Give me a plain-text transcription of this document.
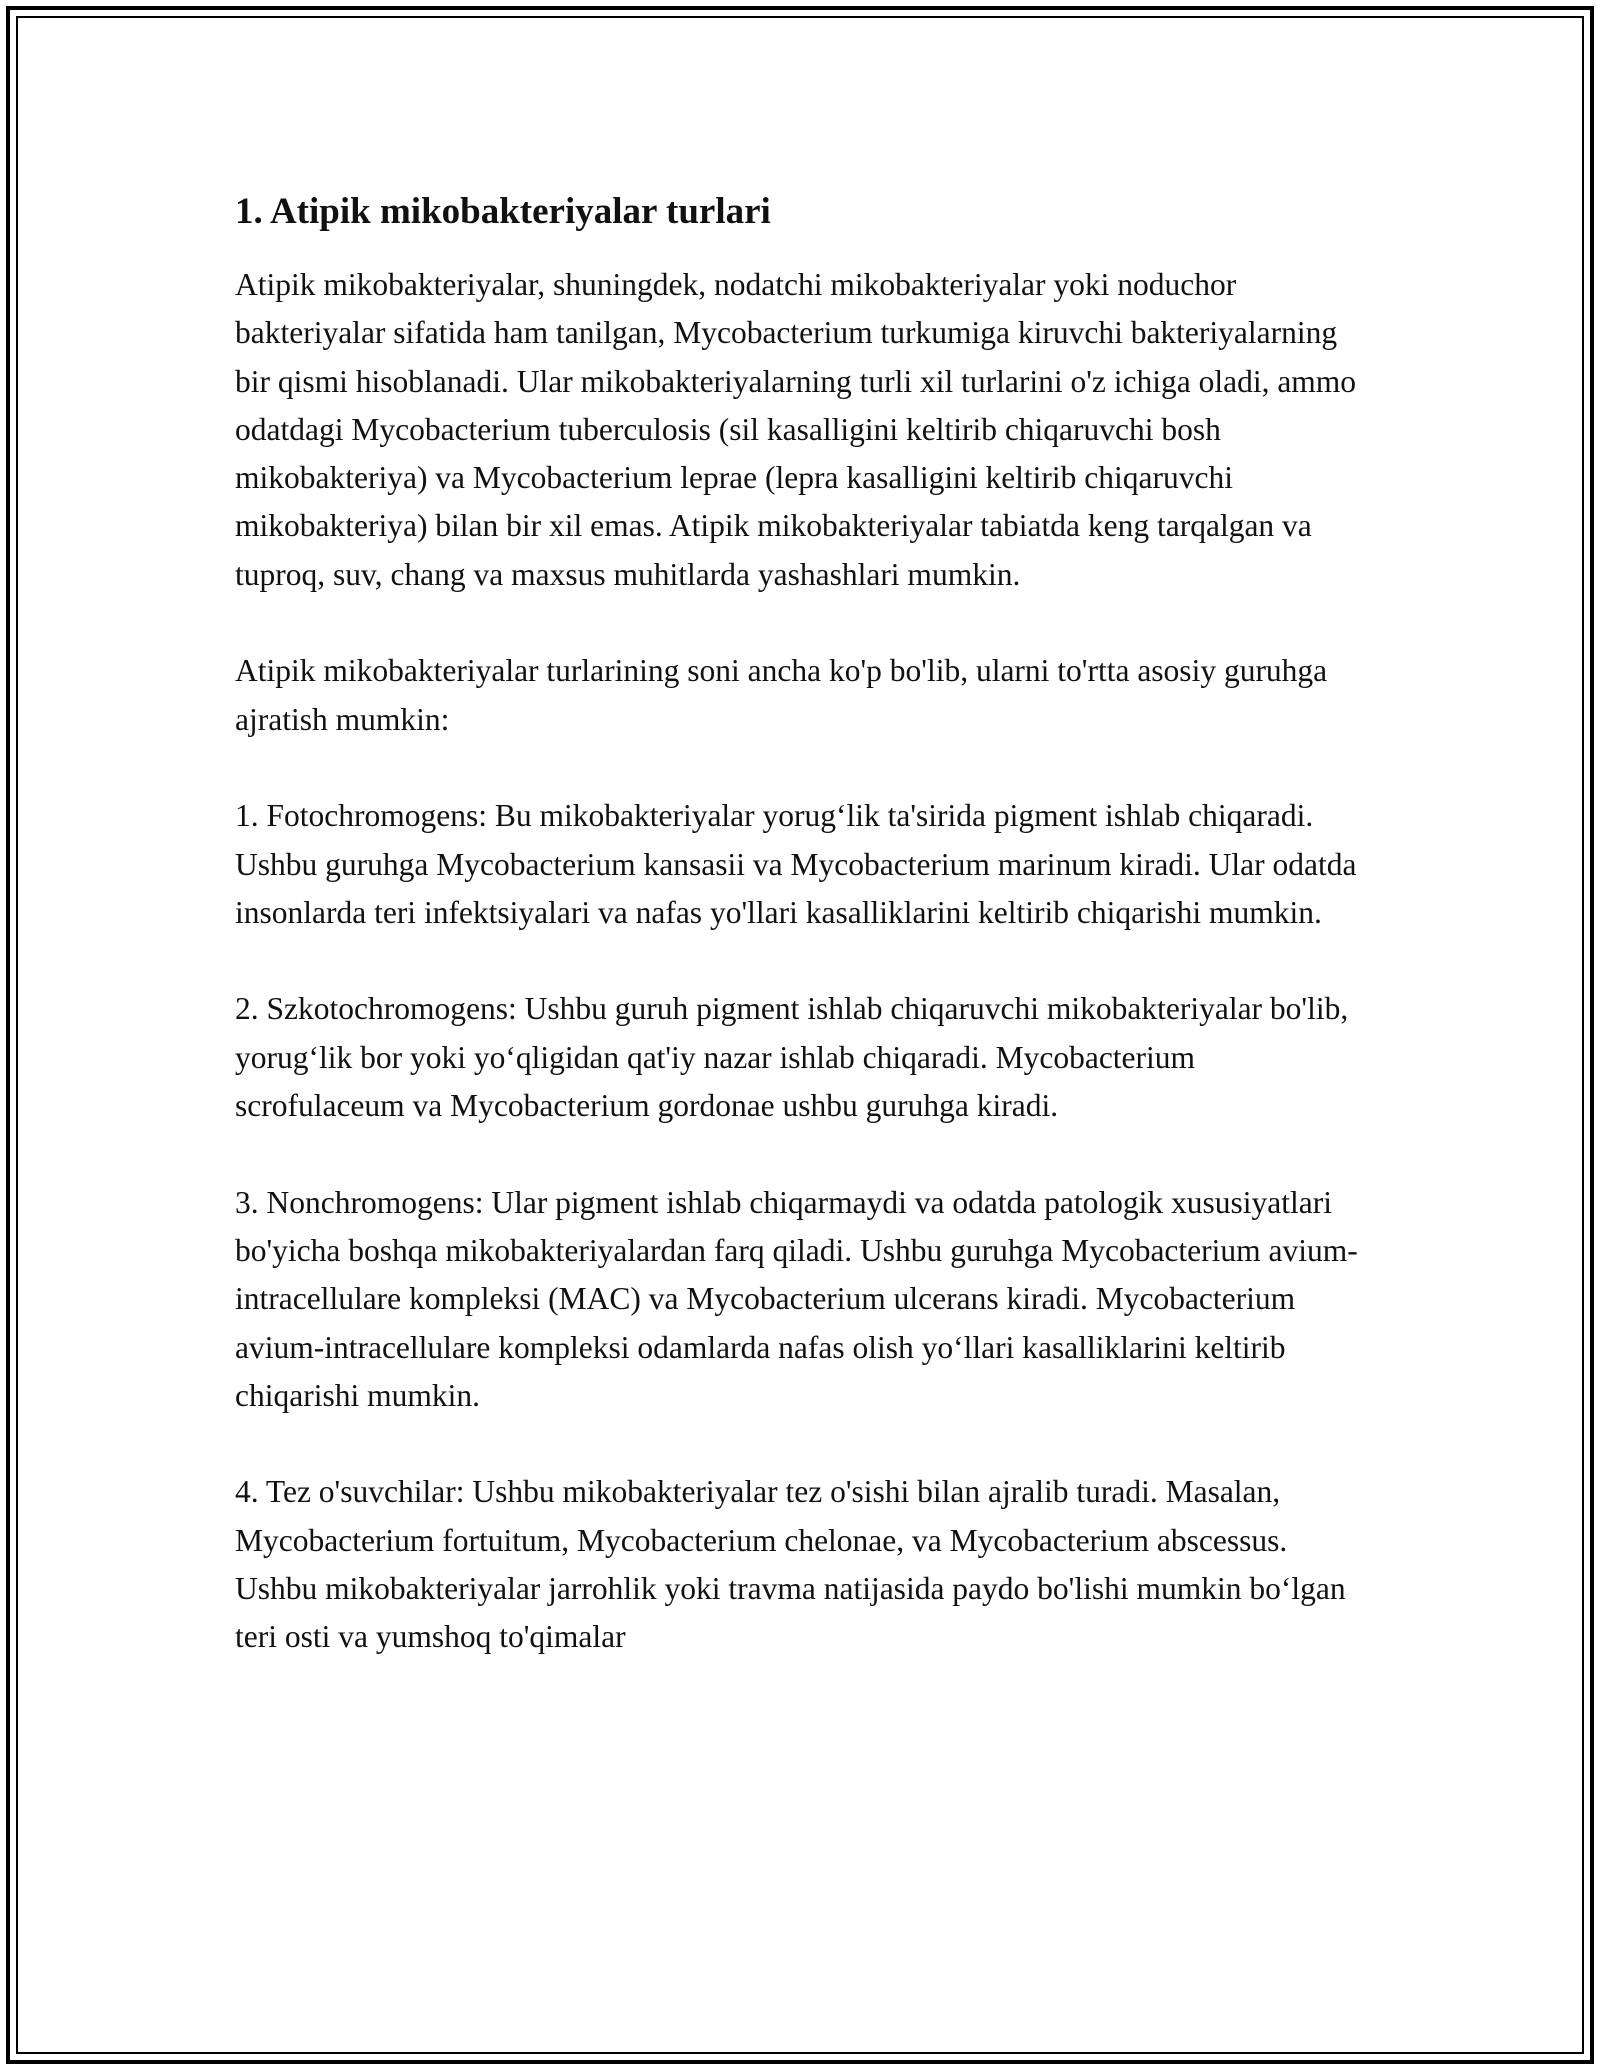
1. Atipik mikobakteriyalar turlari

Atipik mikobakteriyalar, shuningdek, nodatchi mikobakteriyalar yoki noduchor bakteriyalar sifatida ham tanilgan, Mycobacterium turkumiga kiruvchi bakteriyalarning bir qismi hisoblanadi. Ular mikobakteriyalarning turli xil turlarini o'z ichiga oladi, ammo odatdagi Mycobacterium tuberculosis (sil kasalligini keltirib chiqaruvchi bosh mikobakteriya) va Mycobacterium leprae (lepra kasalligini keltirib chiqaruvchi mikobakteriya) bilan bir xil emas. Atipik mikobakteriyalar tabiatda keng tarqalgan va tuproq, suv, chang va maxsus muhitlarda yashashlari mumkin.

Atipik mikobakteriyalar turlarining soni ancha ko'p bo'lib, ularni to'rtta asosiy guruhga ajratish mumkin:

1. Fotochromogens: Bu mikobakteriyalar yorug‘lik ta'sirida pigment ishlab chiqaradi. Ushbu guruhga Mycobacterium kansasii va Mycobacterium marinum kiradi. Ular odatda insonlarda teri infektsiyalari va nafas yo'llari kasalliklarini keltirib chiqarishi mumkin.

2. Szkotochromogens: Ushbu guruh pigment ishlab chiqaruvchi mikobakteriyalar bo'lib, yorug‘lik bor yoki yo‘qligidan qat'iy nazar ishlab chiqaradi. Mycobacterium scrofulaceum va Mycobacterium gordonae ushbu guruhga kiradi.

3. Nonchromogens: Ular pigment ishlab chiqarmaydi va odatda patologik xususiyatlari bo'yicha boshqa mikobakteriyalardan farq qiladi. Ushbu guruhga Mycobacterium avium-intracellulare kompleksi (MAC) va Mycobacterium ulcerans kiradi. Mycobacterium avium-intracellulare kompleksi odamlarda nafas olish yo‘llari kasalliklarini keltirib chiqarishi mumkin.

4. Tez o'suvchilar: Ushbu mikobakteriyalar tez o'sishi bilan ajralib turadi. Masalan, Mycobacterium fortuitum, Mycobacterium chelonae, va Mycobacterium abscessus. Ushbu mikobakteriyalar jarrohlik yoki travma natijasida paydo bo'lishi mumkin bo‘lgan teri osti va yumshoq to'qimalar
